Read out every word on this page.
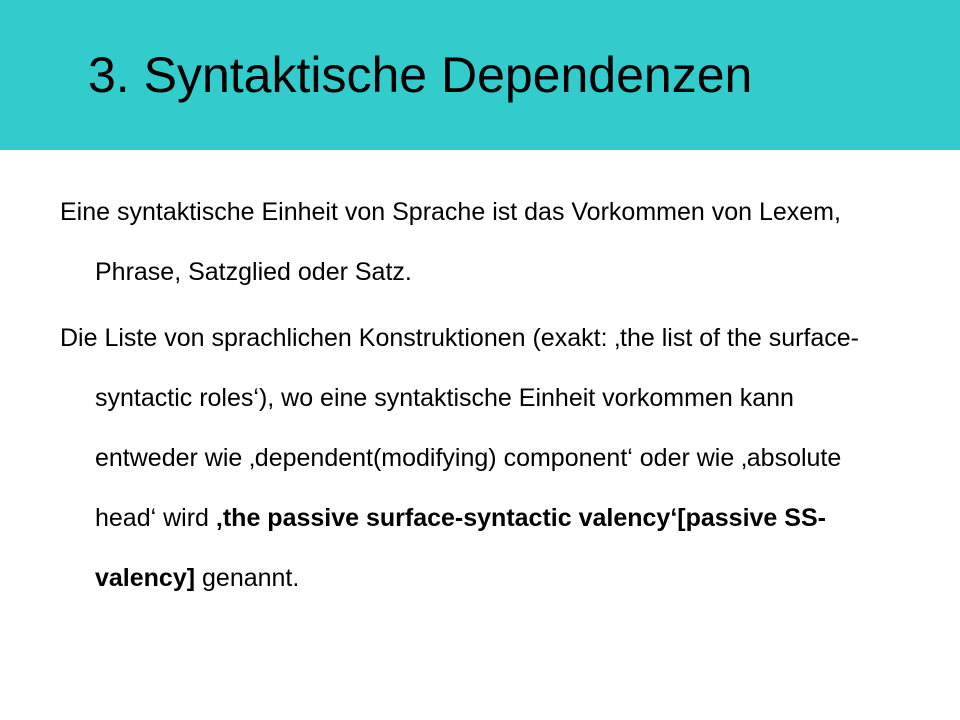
3. Syntaktische Dependenzen

Eine syntaktische Einheit von Sprache ist das Vorkommen von Lexem, Phrase, Satzglied oder Satz.

Die Liste von sprachlichen Konstruktionen (exakt: ‚the list of the surface-syntactic roles‘), wo eine syntaktische Einheit vorkommen kann entweder wie ‚dependent(modifying) component‘ oder wie ‚absolute head‘ wird ‚the passive surface-syntactic valency‘[passive SS-valency] genannt.
